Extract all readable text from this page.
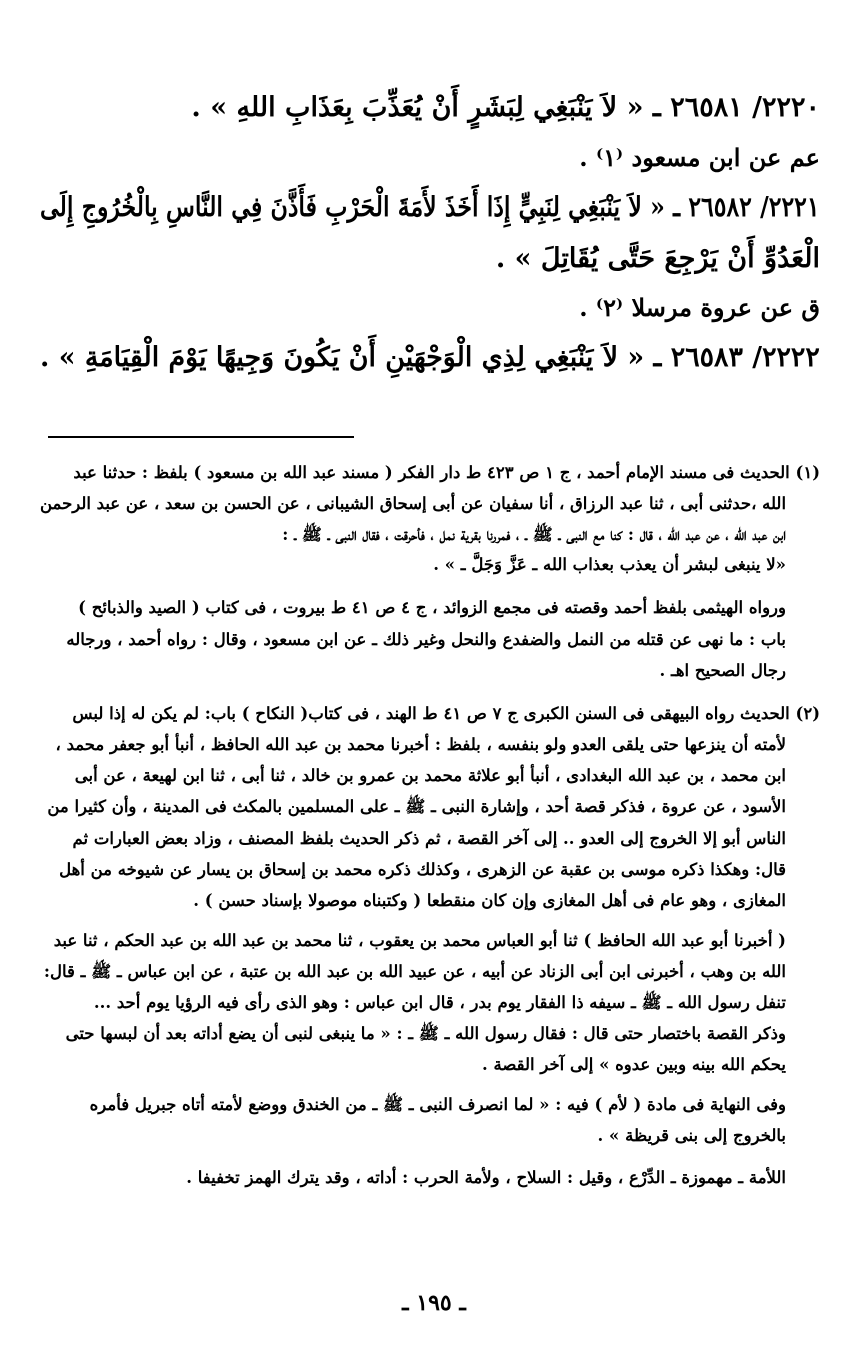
٢٢٢٠/ ٢٦٥٨١ ـ « لاَ يَنْبَغِي لِبَشَرٍ أَنْ يُعَذِّبَ بِعَذَابِ اللهِ » .
عم عن ابن مسعود ⁽١⁾ .
٢٢٢١/ ٢٦٥٨٢ ـ « لاَ يَنْبَغِي لِنَبِيٍّ إِذَا أَخَذَ لأَمَةَ الْحَرْبِ فَأَذَّنَ فِي النَّاسِ بِالْخُرُوجِ إِلَى
الْعَدُوِّ أَنْ يَرْجِعَ حَتَّى يُقَاتِلَ » .
ق عن عروة مرسلا ⁽٢⁾ .
٢٢٢٢/ ٢٦٥٨٣ ـ « لاَ يَنْبَغِي لِذِي الْوَجْهَيْنِ أَنْ يَكُونَ وَجِيهًا يَوْمَ الْقِيَامَةِ » .
(١) الحديث فى مسند الإمام أحمد ، ج ١ ص ٤٢٣ ط دار الفكر ( مسند عبد الله بن مسعود ) بلفظ : حدثنا عبد
الله ،حدثنى أبى ، ثنا عبد الرزاق ، أنا سفيان عن أبى إسحاق الشيبانى ، عن الحسن بن سعد ، عن عبد الرحمن
ابن عبد الله ، عن عبد الله ، قال : كنا مع النبى ـ ﷺ ـ ، فمررنا بقرية نمل ، فأحرقت ، فقال النبى ـ ﷺ ـ :
«لا ينبغى لبشر أن يعذب بعذاب الله ـ عَزَّ وَجَلَّ ـ » .
ورواه الهيثمى بلفظ أحمد وقصته فى مجمع الزوائد ، ج ٤ ص ٤١ ط بيروت ، فى كتاب ( الصيد والذبائح )
باب : ما نهى عن قتله من النمل والضفدع والنحل وغير ذلك ـ عن ابن مسعود ، وقال : رواه أحمد ، ورجاله
رجال الصحيح اهـ .
(٢) الحديث رواه البيهقى فى السنن الكبرى ج ٧ ص ٤١ ط الهند ، فى كتاب( النكاح ) باب: لم يكن له إذا لبس
لأمته أن ينزعها حتى يلقى العدو ولو بنفسه ، بلفظ : أخبرنا محمد بن عبد الله الحافظ ، أنبأ أبو جعفر محمد ،
ابن محمد ، بن عبد الله البغدادى ، أنبأ أبو علاثة محمد بن عمرو بن خالد ، ثنا أبى ، ثنا ابن لهيعة ، عن أبى
الأسود ، عن عروة ، فذكر قصة أحد ، وإشارة النبى ـ ﷺ ـ على المسلمين بالمكث فى المدينة ، وأن كثيرا من
الناس أبو إلا الخروج إلى العدو .. إلى آخر القصة ، ثم ذكر الحديث بلفظ المصنف ، وزاد بعض العبارات ثم
قال: وهكذا ذكره موسى بن عقبة عن الزهرى ، وكذلك ذكره محمد بن إسحاق بن يسار عن شيوخه من أهل
المغازى ، وهو عام فى أهل المغازى وإن كان منقطعا ( وكتبناه موصولا بإسناد حسن ) .
( أخبرنا أبو عبد الله الحافظ ) ثنا أبو العباس محمد بن يعقوب ، ثنا محمد بن عبد الله بن عبد الحكم ، ثنا عبد
الله بن وهب ، أخبرنى ابن أبى الزناد عن أبيه ، عن عبيد الله بن عبد الله بن عتبة ، عن ابن عباس ـ ﷺ ـ قال:
تنفل رسول الله ـ ﷺ ـ سيفه ذا الفقار يوم بدر ، قال ابن عباس : وهو الذى رأى فيه الرؤيا يوم أحد ...
وذكر القصة باختصار حتى قال : فقال رسول الله ـ ﷺ ـ : « ما ينبغى لنبى أن يضع أداته بعد أن لبسها حتى
يحكم الله بينه وبين عدوه » إلى آخر القصة .
وفى النهاية فى مادة ( لأم ) فيه : « لما انصرف النبى ـ ﷺ ـ من الخندق ووضع لأمته أتاه جبريل فأمره
بالخروج إلى بنى قريظة » .
اللأمة ـ مهموزة ـ الدِّرْع ، وقيل : السلاح ، ولأمة الحرب : أداته ، وقد يترك الهمز تخفيفا .
ـ ١٩٥ ـ
